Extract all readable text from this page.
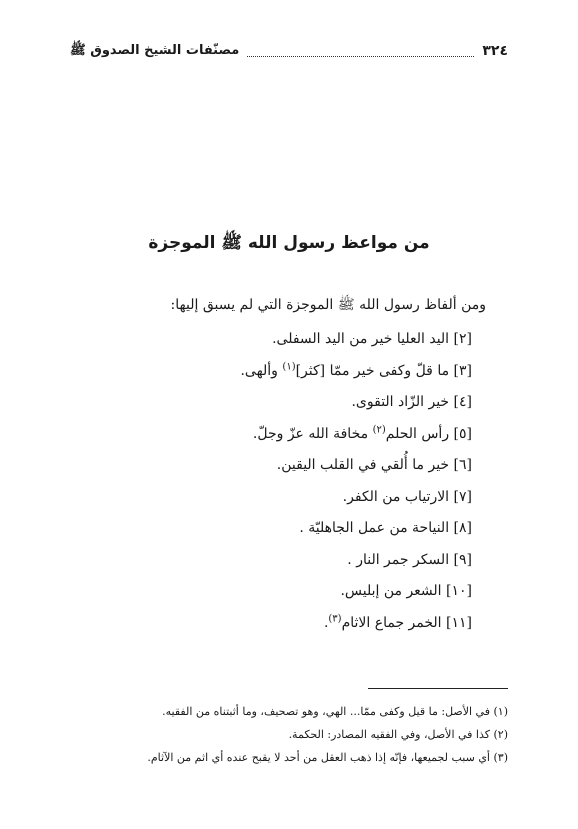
٣٢٤
مصنّفات الشيخ الصدوق ﷺ
من مواعظ رسول الله ﷺ الموجزة

ومن ألفاظ رسول الله ﷺ الموجزة التي لم يسبق إليها:

[٢] اليد العليا خير من اليد السفلى.
[٣] ما قلّ وكفى خير ممّا [كثر]$^{(١)}$ وألهى.
[٤] خير الزّاد التقوى.
[٥] رأس الحلم$^{(٢)}$ مخافة الله عزّ وجلّ.
[٦] خير ما أُلقي في القلب اليقين.
[٧] الارتياب من الكفر.
[٨] النياحة من عمل الجاهليّة .
[٩] السكر جمر النار .
[١٠] الشعر من إبليس.
[١١] الخمر جماع الاثام$^{(٣)}$.
(١) في الأصل: ما قيل وكفى ممّا... الهي، وهو تصحيف، وما أثبتناه من الفقيه.
(٢) كذا في الأصل، وفي الفقيه المصادر: الحكمة.
(٣) أي سبب لجميعها، فإنّه إذا ذهب العقل من أحد لا يقبح عنده أي اثم من الآثام.
